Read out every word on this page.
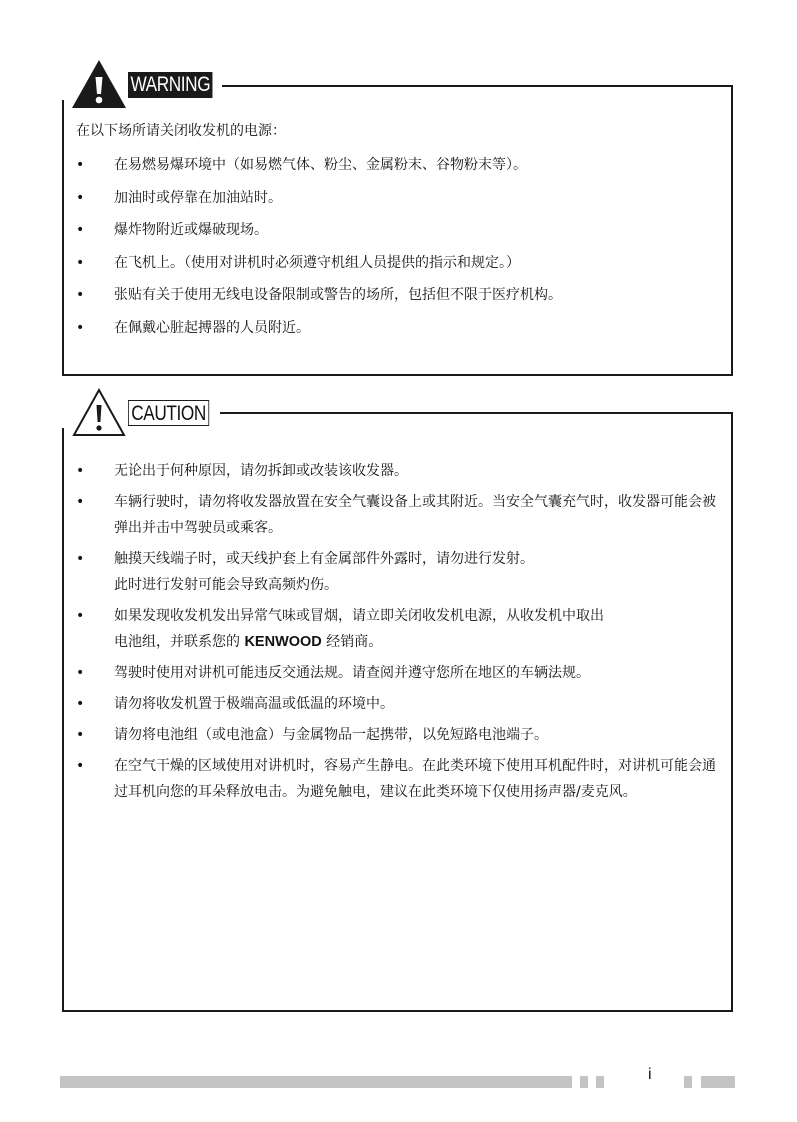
WARNING
在以下场所请关闭收发机的电源：
• 在易燃易爆环境中（如易燃气体、粉尘、金属粉末、谷物粉末等）。
• 加油时或停靠在加油站时。
• 爆炸物附近或爆破现场。
• 在飞机上。（使用对讲机时必须遵守机组人员提供的指示和规定。）
• 张贴有关于使用无线电设备限制或警告的场所，包括但不限于医疗机构。
• 在佩戴心脏起搏器的人员附近。
CAUTION
• 无论出于何种原因，请勿拆卸或改装该收发器。
• 车辆行驶时，请勿将收发器放置在安全气囊设备上或其附近。当安全气囊充气时，收发器可能会被弹出并击中驾驶员或乘客。
• 触摸天线端子时，或天线护套上有金属部件外露时，请勿进行发射。
此时进行发射可能会导致高频灼伤。
• 如果发现收发机发出异常气味或冒烟，请立即关闭收发机电源，从收发机中取出
电池组，并联系您的 KENWOOD 经销商。
• 驾驶时使用对讲机可能违反交通法规。请查阅并遵守您所在地区的车辆法规。
• 请勿将收发机置于极端高温或低温的环境中。
• 请勿将电池组（或电池盒）与金属物品一起携带，以免短路电池端子。
• 在空气干燥的区域使用对讲机时，容易产生静电。在此类环境下使用耳机配件时，对讲机可能会通过耳机向您的耳朵释放电击。为避免触电，建议在此类环境下仅使用扬声器/麦克风。
i
